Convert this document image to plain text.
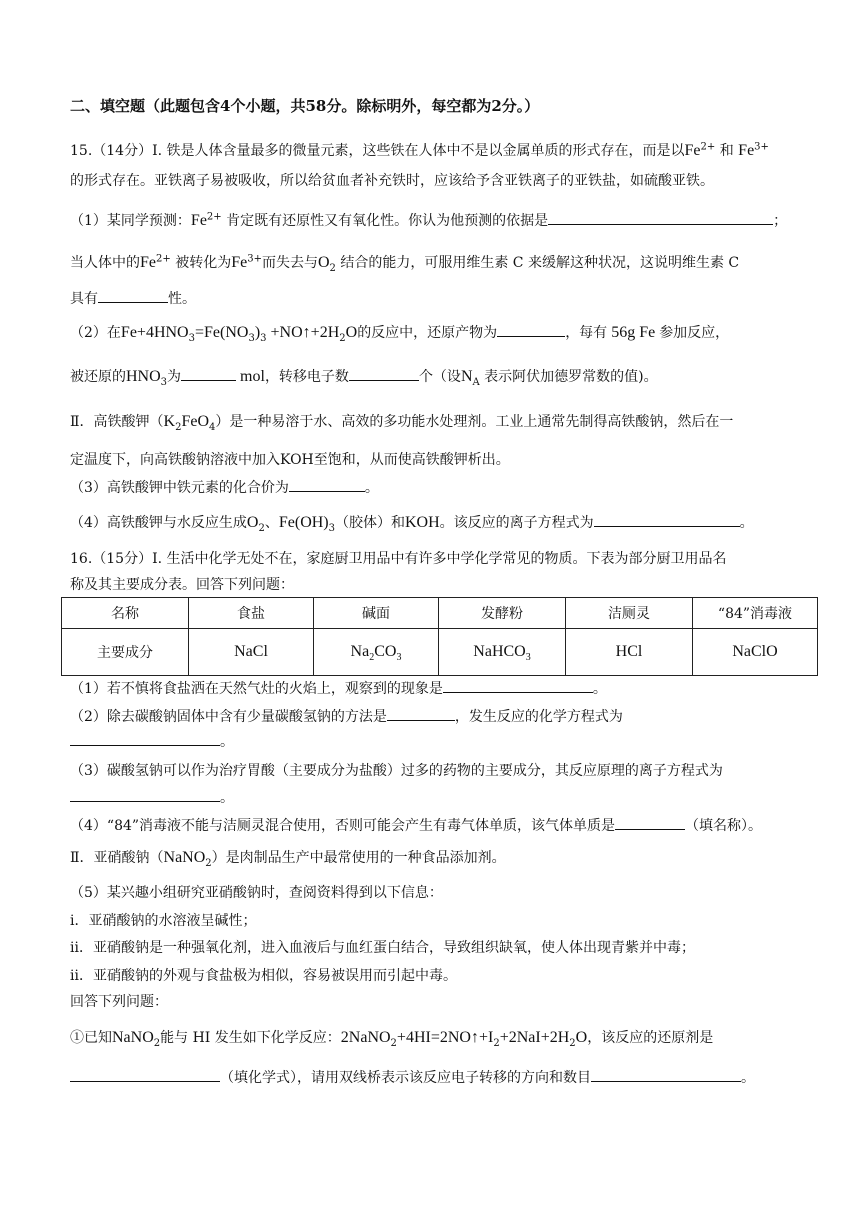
二、填空题（此题包含4个小题，共58分。除标明外，每空都为2分。）
15.（14分）I. 铁是人体含量最多的微量元素，这些铁在人体中不是以金属单质的形式存在，而是以$Fe^{2+}$ 和 $Fe^{3+}$
的形式存在。亚铁离子易被吸收，所以给贫血者补充铁时，应该给予含亚铁离子的亚铁盐，如硫酸亚铁。
（1）某同学预测：$Fe^{2+}$ 肯定既有还原性又有氧化性。你认为他预测的依据是	；
当人体中的$Fe^{2+}$ 被转化为$Fe^{3+}$而失去与$O_2$ 结合的能力，可服用维生素 C 来缓解这种状况，这说明维生素 C
具有	性。
（2）在$Fe+4HNO_3=Fe(NO_3)_3$ $+NO↑+2H_2O$的反应中，还原产物为	，每有 56g Fe 参加反应，
被还原的$HNO_3$为	mol，转移电子数	个（设$N_A$ 表示阿伏加德罗常数的值)。
Ⅱ．高铁酸钾$(K_2FeO_4)$是一种易溶于水、高效的多功能水处理剂。工业上通常先制得高铁酸钠，然后在一
定温度下，向高铁酸钠溶液中加入KOH至饱和，从而使高铁酸钾析出。
（3）高铁酸钾中铁元素的化合价为	。
（4）高铁酸钾与水反应生成$O_2$、$Fe(OH)_3$（胶体）和KOH。该反应的离子方程式为	。
16.（15分）I. 生活中化学无处不在，家庭厨卫用品中有许多中学化学常见的物质。下表为部分厨卫用品名
称及其主要成分表。回答下列问题：
名称	食盐	碱面	发酵粉	洁厕灵	“84”消毒液
主要成分	NaCl	$Na_2CO_3$	NaHCO$_3$	HCl	NaClO
（1）若不慎将食盐洒在天然气灶的火焰上，观察到的现象是	。
（2）除去碳酸钠固体中含有少量碳酸氢钠的方法是	，发生反应的化学方程式为
。
（3）碳酸氢钠可以作为治疗胃酸（主要成分为盐酸）过多的药物的主要成分，其反应原理的离子方程式为
。
（4）“84”消毒液不能与洁厕灵混合使用，否则可能会产生有毒气体单质，该气体单质是	（填名称）。
Ⅱ．亚硝酸钠（NaNO$_2$）是肉制品生产中最常使用的一种食品添加剂。
（5）某兴趣小组研究亚硝酸钠时，查阅资料得到以下信息：
ⅰ．亚硝酸钠的水溶液呈碱性；
ⅱ．亚硝酸钠是一种强氧化剂，进入血液后与血红蛋白结合，导致组织缺氧，使人体出现青紫并中毒；
ⅱ．亚硝酸钠的外观与食盐极为相似，容易被误用而引起中毒。
回答下列问题：
①已知NaNO$_2$能与 HI 发生如下化学反应：$2NaNO_2+4HI=2NO↑+I_2+2NaI+2H_2O$，该反应的还原剂是
（填化学式），请用双线桥表示该反应电子转移的方向和数目	。
